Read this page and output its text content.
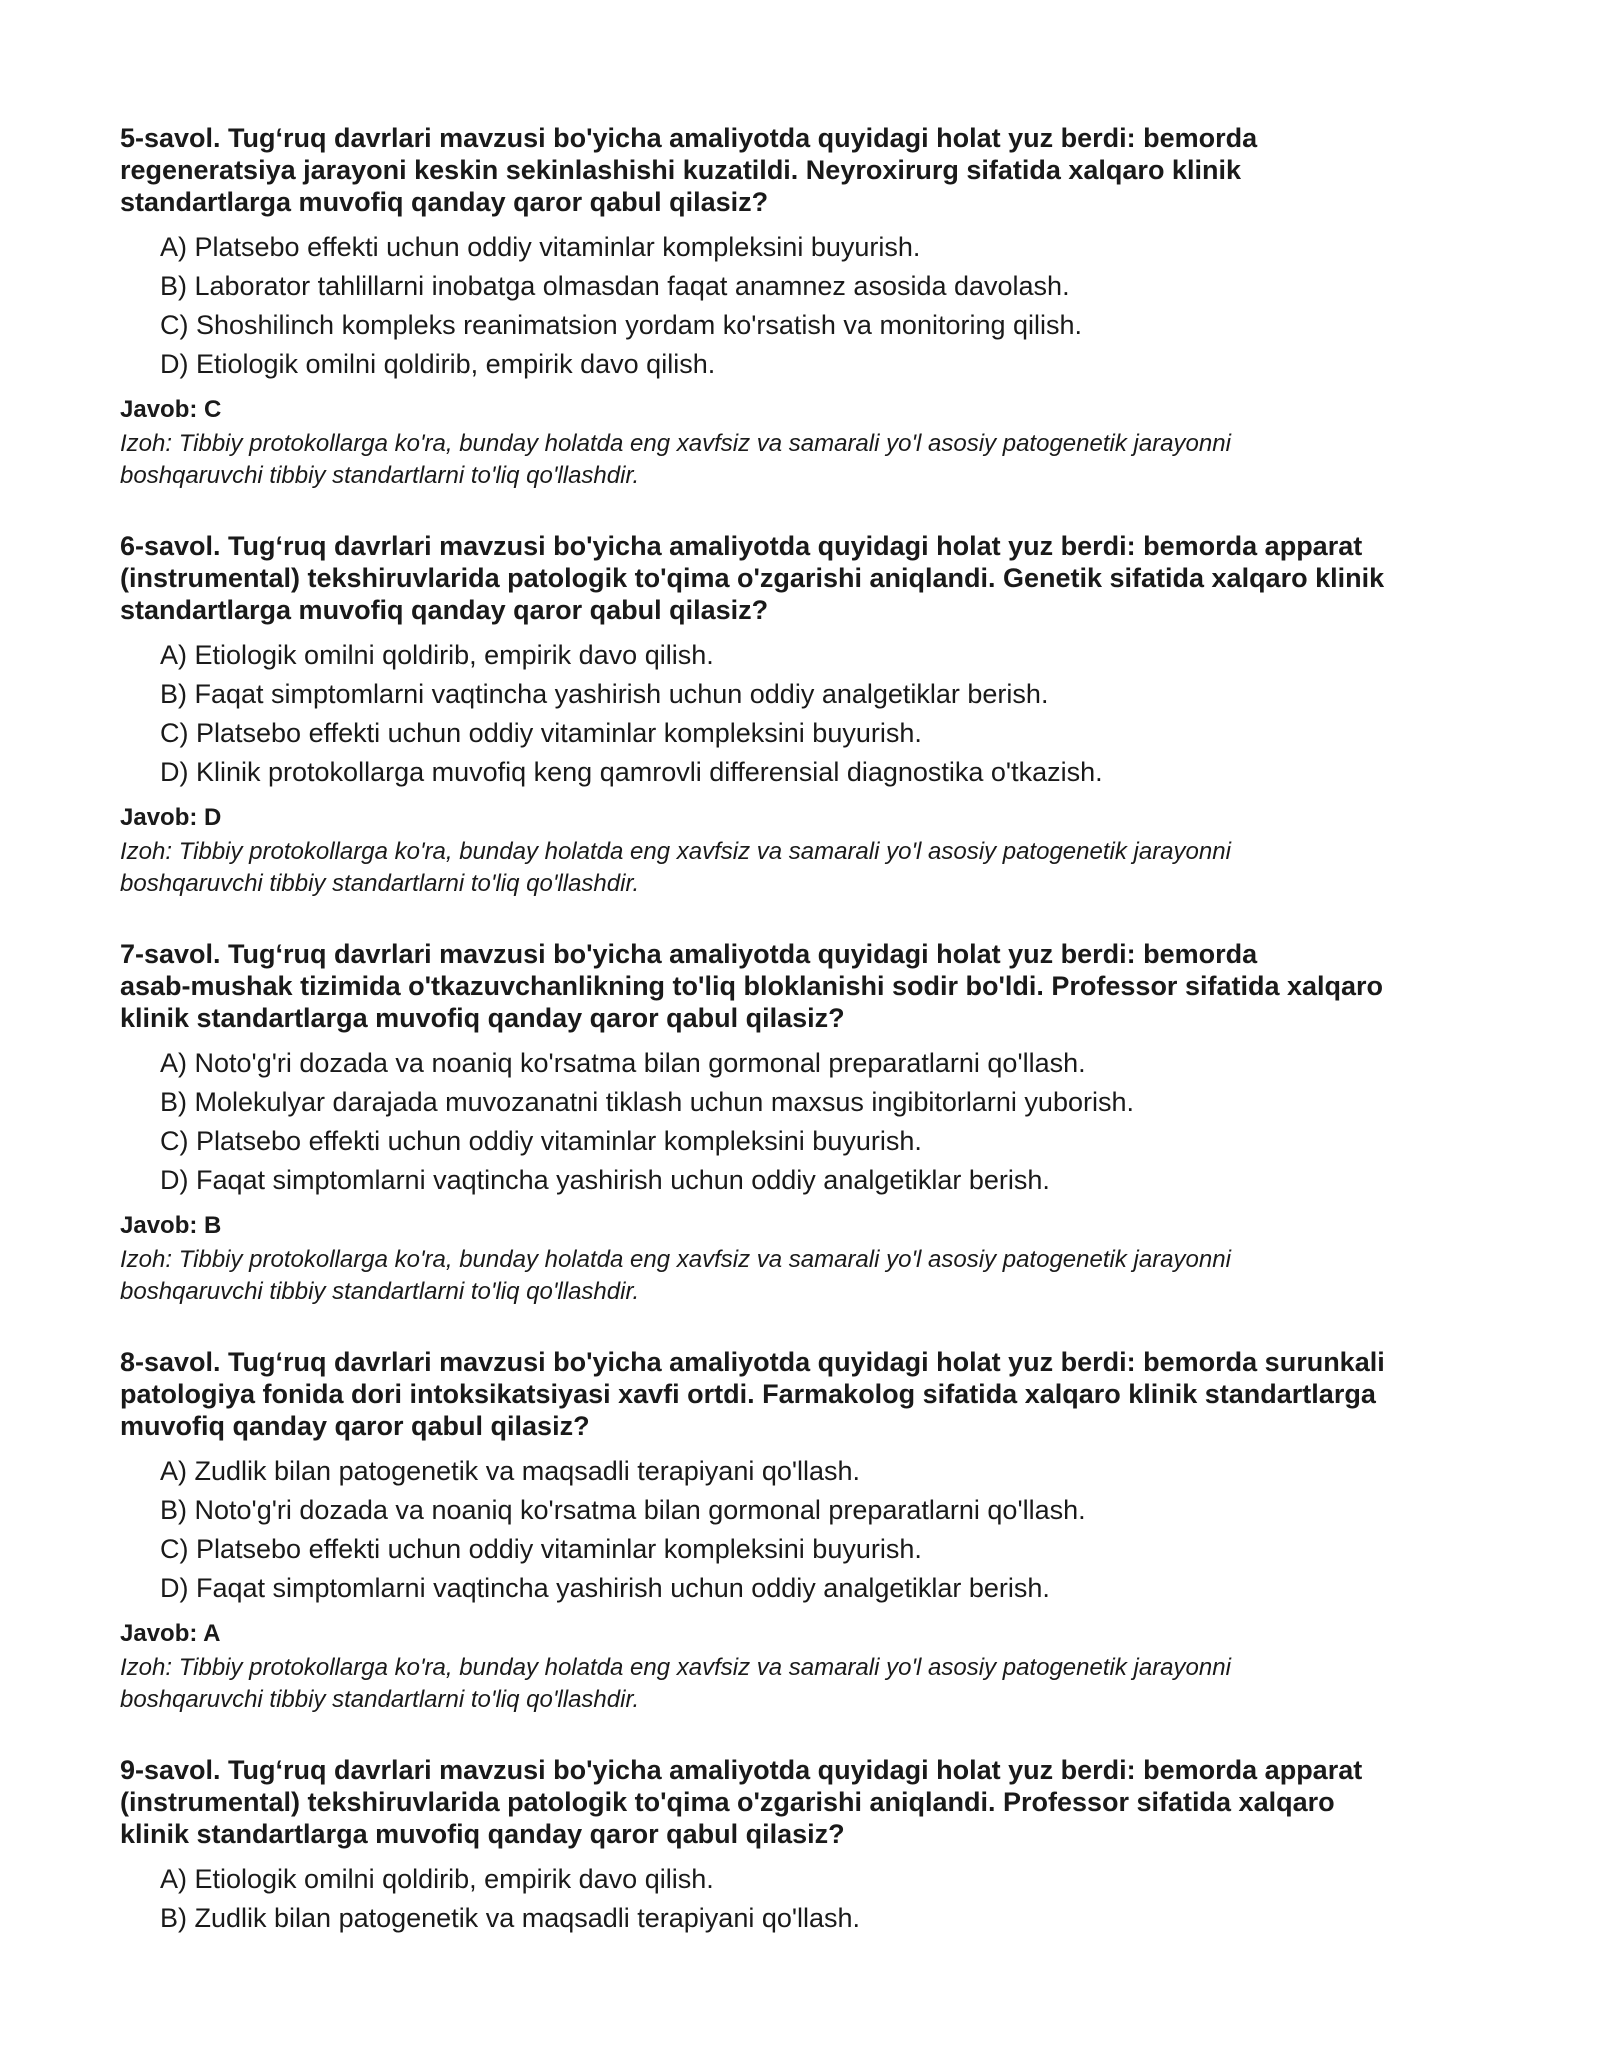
5-savol. Tug‘ruq davrlari mavzusi bo'yicha amaliyotda quyidagi holat yuz berdi: bemorda
regeneratsiya jarayoni keskin sekinlashishi kuzatildi. Neyroxirurg sifatida xalqaro klinik
standartlarga muvofiq qanday qaror qabul qilasiz?

A) Platsebo effekti uchun oddiy vitaminlar kompleksini buyurish.
B) Laborator tahlillarni inobatga olmasdan faqat anamnez asosida davolash.
C) Shoshilinch kompleks reanimatsion yordam ko'rsatish va monitoring qilish.
D) Etiologik omilni qoldirib, empirik davo qilish.

Javob: C

Izoh: Tibbiy protokollarga ko'ra, bunday holatda eng xavfsiz va samarali yo'l asosiy patogenetik jarayonni
boshqaruvchi tibbiy standartlarni to'liq qo'llashdir.

6-savol. Tug‘ruq davrlari mavzusi bo'yicha amaliyotda quyidagi holat yuz berdi: bemorda apparat
(instrumental) tekshiruvlarida patologik to'qima o'zgarishi aniqlandi. Genetik sifatida xalqaro klinik
standartlarga muvofiq qanday qaror qabul qilasiz?

A) Etiologik omilni qoldirib, empirik davo qilish.
B) Faqat simptomlarni vaqtincha yashirish uchun oddiy analgetiklar berish.
C) Platsebo effekti uchun oddiy vitaminlar kompleksini buyurish.
D) Klinik protokollarga muvofiq keng qamrovli differensial diagnostika o'tkazish.

Javob: D

Izoh: Tibbiy protokollarga ko'ra, bunday holatda eng xavfsiz va samarali yo'l asosiy patogenetik jarayonni
boshqaruvchi tibbiy standartlarni to'liq qo'llashdir.

7-savol. Tug‘ruq davrlari mavzusi bo'yicha amaliyotda quyidagi holat yuz berdi: bemorda
asab-mushak tizimida o'tkazuvchanlikning to'liq bloklanishi sodir bo'ldi. Professor sifatida xalqaro
klinik standartlarga muvofiq qanday qaror qabul qilasiz?

A) Noto'g'ri dozada va noaniq ko'rsatma bilan gormonal preparatlarni qo'llash.
B) Molekulyar darajada muvozanatni tiklash uchun maxsus ingibitorlarni yuborish.
C) Platsebo effekti uchun oddiy vitaminlar kompleksini buyurish.
D) Faqat simptomlarni vaqtincha yashirish uchun oddiy analgetiklar berish.

Javob: B

Izoh: Tibbiy protokollarga ko'ra, bunday holatda eng xavfsiz va samarali yo'l asosiy patogenetik jarayonni
boshqaruvchi tibbiy standartlarni to'liq qo'llashdir.

8-savol. Tug‘ruq davrlari mavzusi bo'yicha amaliyotda quyidagi holat yuz berdi: bemorda surunkali
patologiya fonida dori intoksikatsiyasi xavfi ortdi. Farmakolog sifatida xalqaro klinik standartlarga
muvofiq qanday qaror qabul qilasiz?

A) Zudlik bilan patogenetik va maqsadli terapiyani qo'llash.
B) Noto'g'ri dozada va noaniq ko'rsatma bilan gormonal preparatlarni qo'llash.
C) Platsebo effekti uchun oddiy vitaminlar kompleksini buyurish.
D) Faqat simptomlarni vaqtincha yashirish uchun oddiy analgetiklar berish.

Javob: A

Izoh: Tibbiy protokollarga ko'ra, bunday holatda eng xavfsiz va samarali yo'l asosiy patogenetik jarayonni
boshqaruvchi tibbiy standartlarni to'liq qo'llashdir.

9-savol. Tug‘ruq davrlari mavzusi bo'yicha amaliyotda quyidagi holat yuz berdi: bemorda apparat
(instrumental) tekshiruvlarida patologik to'qima o'zgarishi aniqlandi. Professor sifatida xalqaro
klinik standartlarga muvofiq qanday qaror qabul qilasiz?

A) Etiologik omilni qoldirib, empirik davo qilish.
B) Zudlik bilan patogenetik va maqsadli terapiyani qo'llash.
